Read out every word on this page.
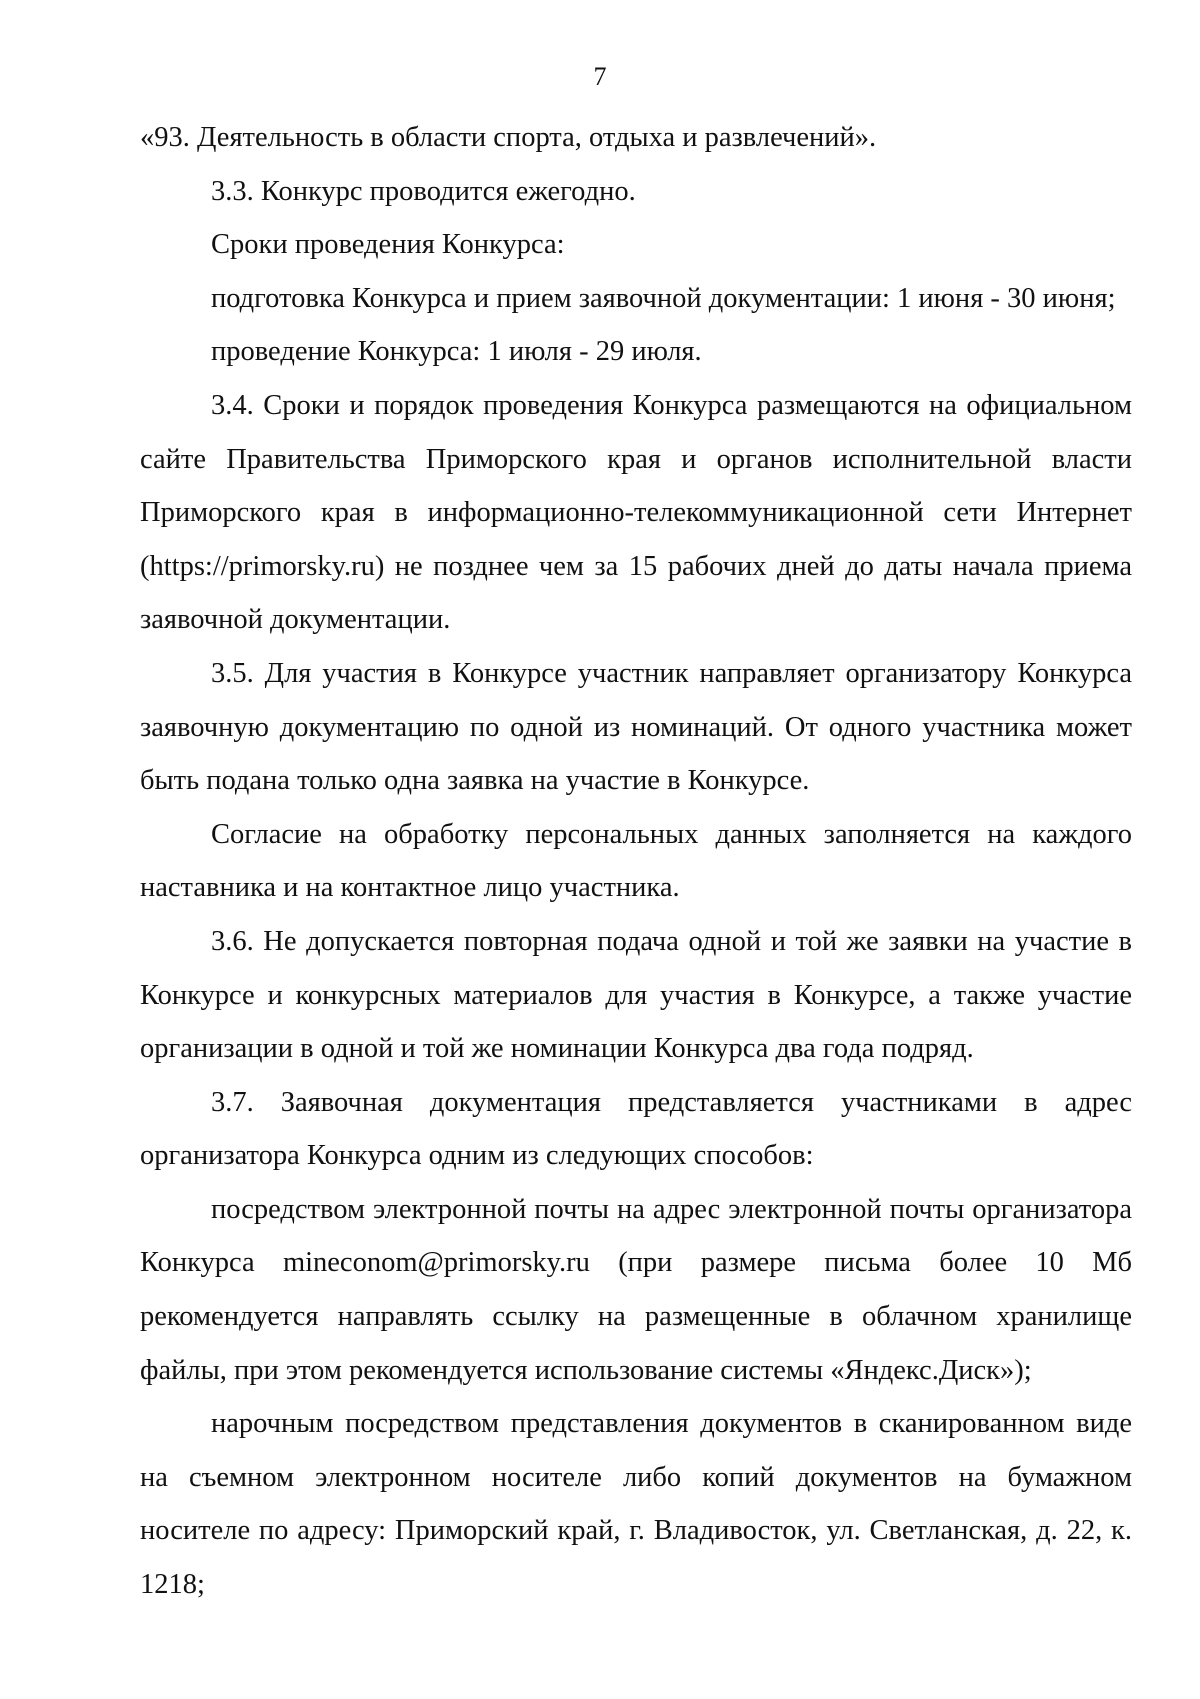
7

«93. Деятельность в области спорта, отдыха и развлечений».

3.3. Конкурс проводится ежегодно.

Сроки проведения Конкурса:

подготовка Конкурса и прием заявочной документации: 1 июня - 30 июня;

проведение Конкурса: 1 июля - 29 июля.

3.4. Сроки и порядок проведения Конкурса размещаются на официальном сайте Правительства Приморского края и органов исполнительной власти Приморского края в информационно-телекоммуникационной сети Интернет (https://primorsky.ru) не позднее чем за 15 рабочих дней до даты начала приема заявочной документации.

3.5. Для участия в Конкурсе участник направляет организатору Конкурса заявочную документацию по одной из номинаций. От одного участника может быть подана только одна заявка на участие в Конкурсе.

Согласие на обработку персональных данных заполняется на каждого наставника и на контактное лицо участника.

3.6. Не допускается повторная подача одной и той же заявки на участие в Конкурсе и конкурсных материалов для участия в Конкурсе, а также участие организации в одной и той же номинации Конкурса два года подряд.

3.7. Заявочная документация представляется участниками в адрес организатора Конкурса одним из следующих способов:

посредством электронной почты на адрес электронной почты организатора Конкурса mineconom@primorsky.ru (при размере письма более 10 Мб рекомендуется направлять ссылку на размещенные в облачном хранилище файлы, при этом рекомендуется использование системы «Яндекс.Диск»);

нарочным посредством представления документов в сканированном виде на съемном электронном носителе либо копий документов на бумажном носителе по адресу: Приморский край, г. Владивосток, ул. Светланская, д. 22, к. 1218;
